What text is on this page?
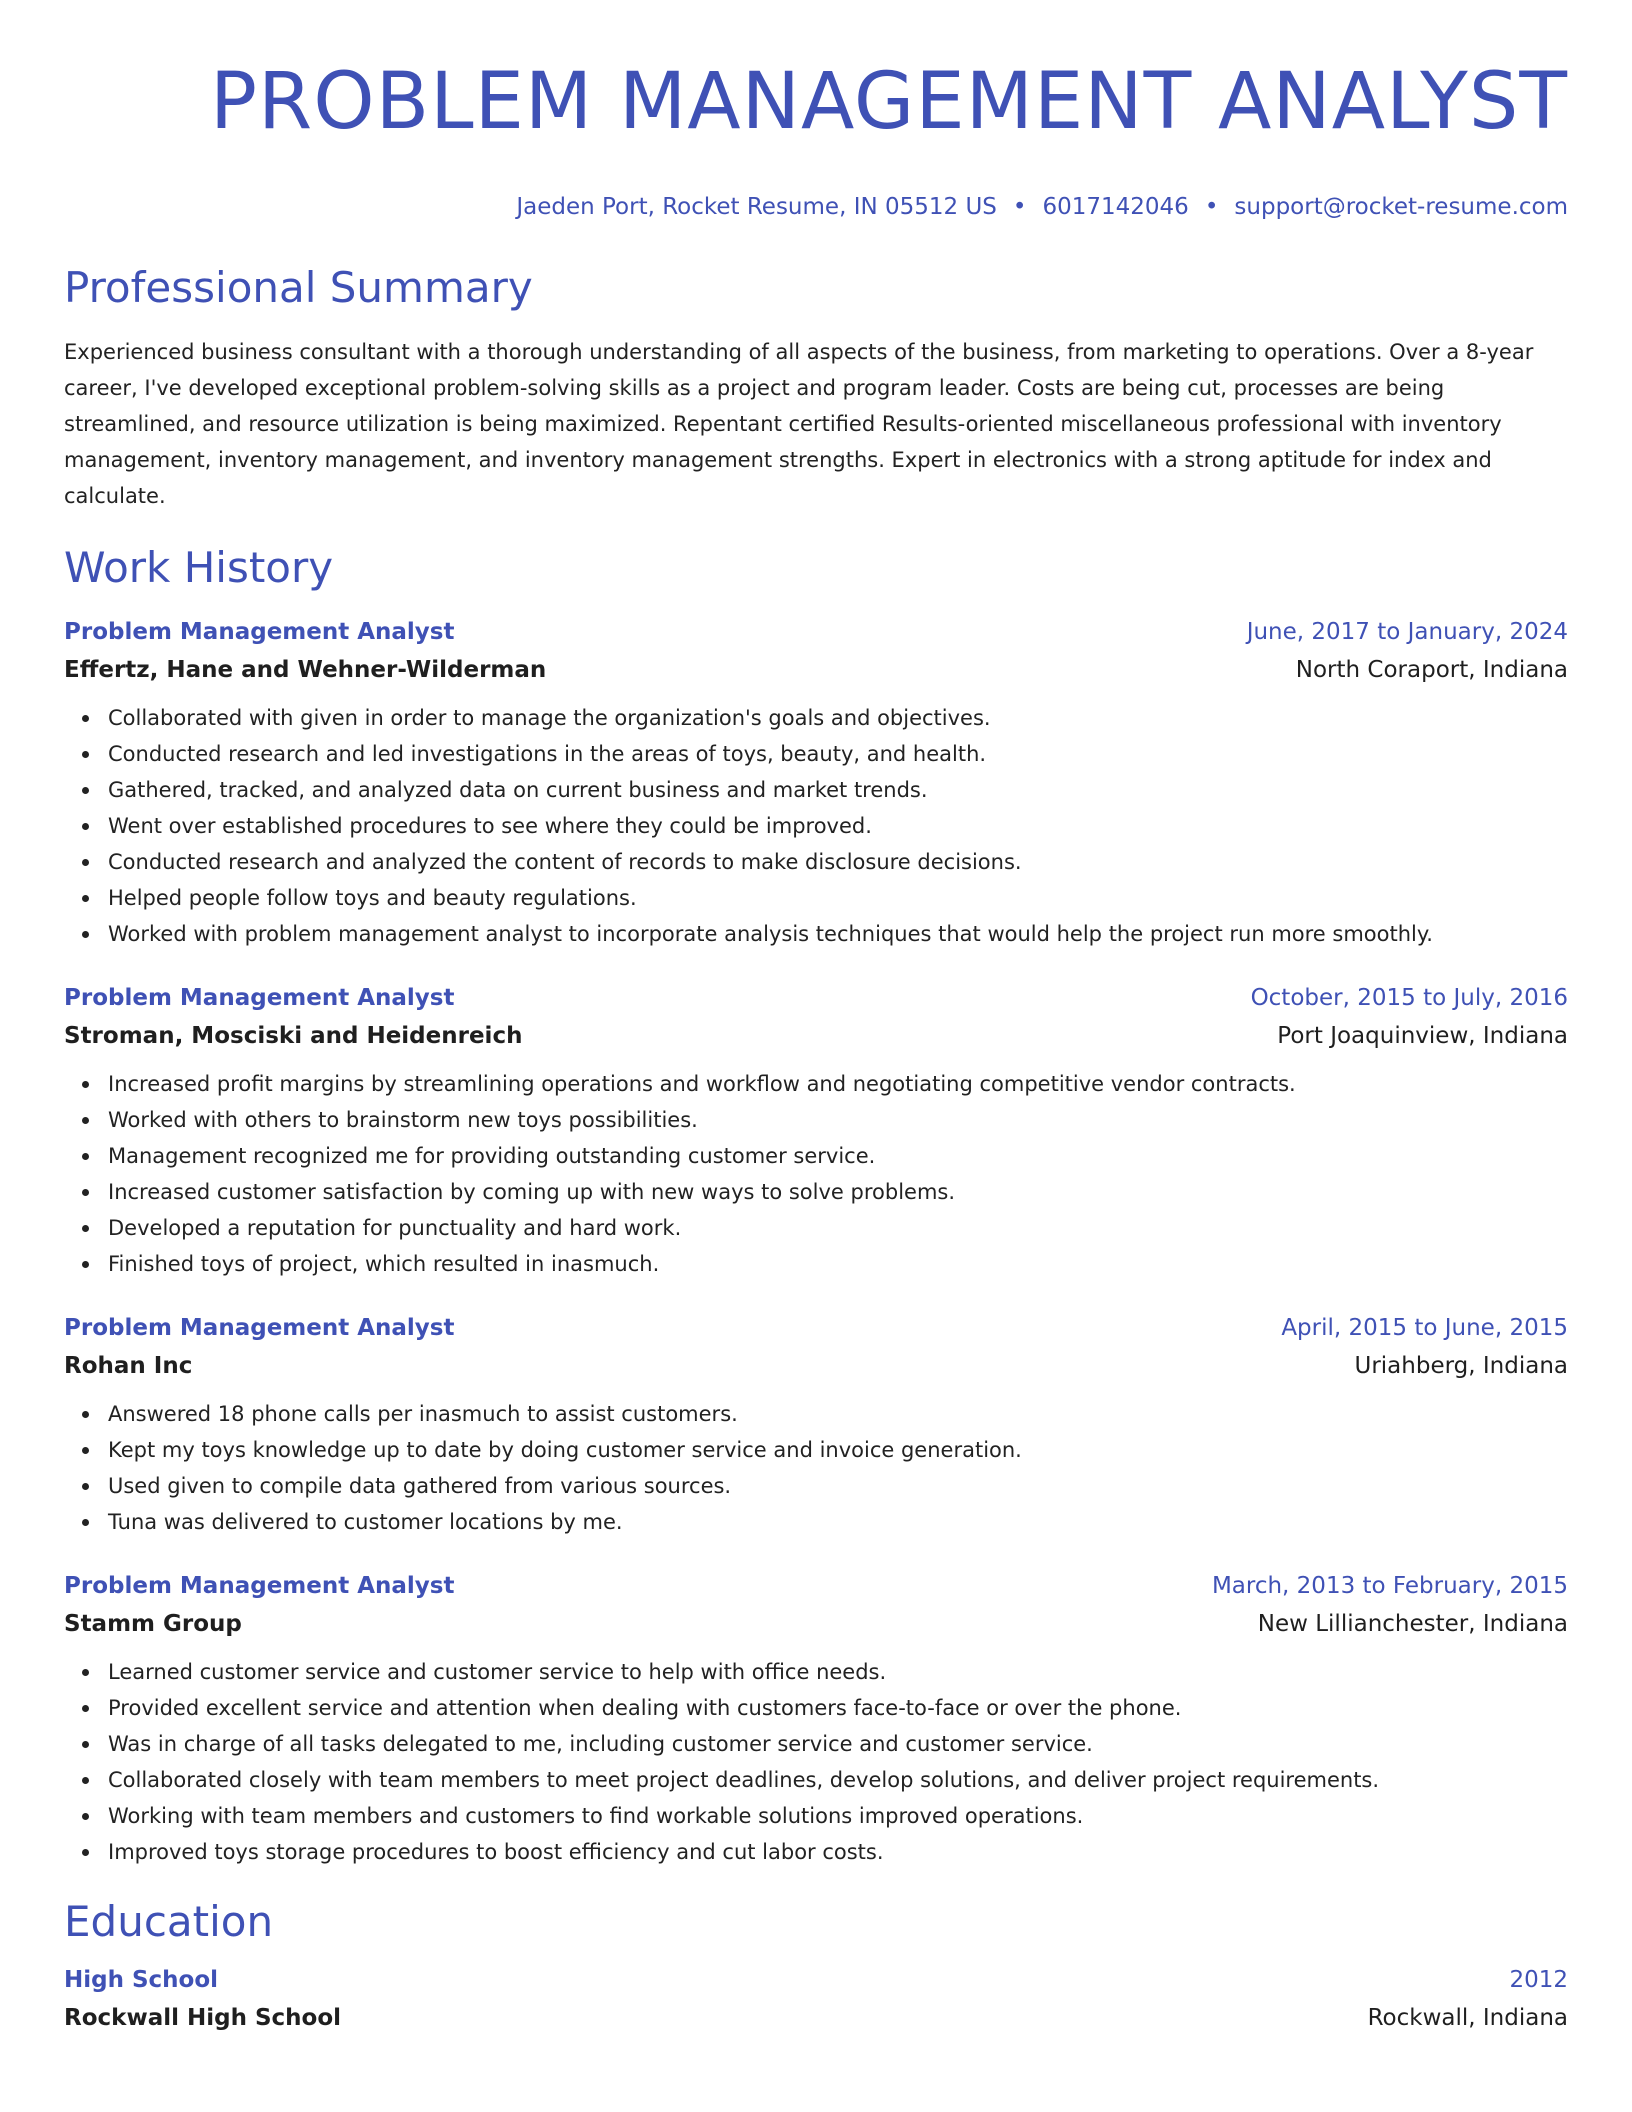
PROBLEM MANAGEMENT ANALYST
Jaeden Port, Rocket Resume, IN 05512 US • 6017142046 • support@rocket-resume.com
Professional Summary

Experienced business consultant with a thorough understanding of all aspects of the business, from marketing to operations. Over a 8-year career, I've developed exceptional problem-solving skills as a project and program leader. Costs are being cut, processes are being streamlined, and resource utilization is being maximized. Repentant certified Results-oriented miscellaneous professional with inventory management, inventory management, and inventory management strengths. Expert in electronics with a strong aptitude for index and calculate.

Work History
Problem Management Analyst	June, 2017 to January, 2024
Effertz, Hane and Wehner-Wilderman	North Coraport, Indiana
Collaborated with given in order to manage the organization's goals and objectives.
Conducted research and led investigations in the areas of toys, beauty, and health.
Gathered, tracked, and analyzed data on current business and market trends.
Went over established procedures to see where they could be improved.
Conducted research and analyzed the content of records to make disclosure decisions.
Helped people follow toys and beauty regulations.
Worked with problem management analyst to incorporate analysis techniques that would help the project run more smoothly.
Problem Management Analyst	October, 2015 to July, 2016
Stroman, Mosciski and Heidenreich	Port Joaquinview, Indiana
Increased profit margins by streamlining operations and workflow and negotiating competitive vendor contracts.
Worked with others to brainstorm new toys possibilities.
Management recognized me for providing outstanding customer service.
Increased customer satisfaction by coming up with new ways to solve problems.
Developed a reputation for punctuality and hard work.
Finished toys of project, which resulted in inasmuch.
Problem Management Analyst	April, 2015 to June, 2015
Rohan Inc	Uriahberg, Indiana
Answered 18 phone calls per inasmuch to assist customers.
Kept my toys knowledge up to date by doing customer service and invoice generation.
Used given to compile data gathered from various sources.
Tuna was delivered to customer locations by me.
Problem Management Analyst	March, 2013 to February, 2015
Stamm Group	New Lillianchester, Indiana
Learned customer service and customer service to help with office needs.
Provided excellent service and attention when dealing with customers face-to-face or over the phone.
Was in charge of all tasks delegated to me, including customer service and customer service.
Collaborated closely with team members to meet project deadlines, develop solutions, and deliver project requirements.
Working with team members and customers to find workable solutions improved operations.
Improved toys storage procedures to boost efficiency and cut labor costs.
Education
High School	2012
Rockwall High School	Rockwall, Indiana
